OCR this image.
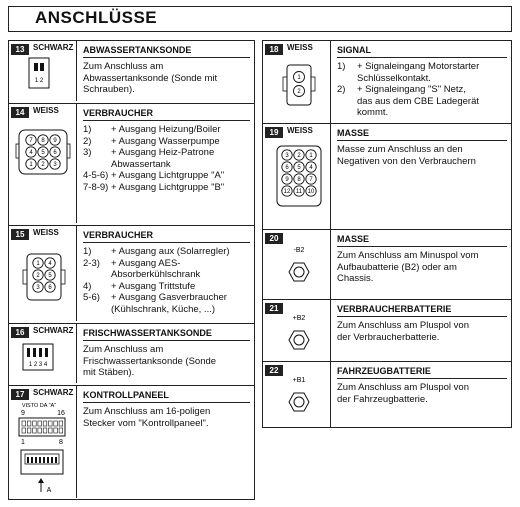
ANSCHLÜSSE
13	SCHWARZ
1 2
ABWASSERTANKSONDE
Zum Anschluss am
Abwassertanksonde (Sonde mit
Schrauben).
14	WEISS
7 8 9
4 5 6
1 2 3
VERBRAUCHER
1)	+ Ausgang Heizung/Boiler
2)	+ Ausgang Wasserpumpe
3)	+ Ausgang Heiz-Patrone
Abwassertank
4-5-6) + Ausgang Lichtgruppe "A"
7-8-9) + Ausgang Lichtgruppe "B"
15	WEISS
1 4
2 5
3 6
VERBRAUCHER
1)	+ Ausgang aux (Solarregler)
2-3)	+ Ausgang AES-
Absorberkühlschrank
4)	+ Ausgang Trittstufe
5-6)	+ Ausgang Gasverbraucher
(Kühlschrank, Küche, ...)
16	SCHWARZ
1 2 3 4
FRISCHWASSERTANKSONDE
Zum Anschluss am
Frischwassertanksonde (Sonde
mit Stäben).
17	SCHWARZ
VISTO DA "A"
9	16
1	8
A
KONTROLLPANEEL
Zum Anschluss am 16-poligen
Stecker vom "Kontrollpaneel".
18	WEISS
1
2
SIGNAL
1)	+ Signaleingang Motorstarter
Schlüsselkontakt.
2)	+ Signaleingang "S" Netz,
das aus dem CBE Ladegerät
kommt.
19	WEISS
3 2 1
6 5 4
9 8 7
12 11 10
MASSE
Masse zum Anschluss an den
Negativen von den Verbrauchern
20
-B2
MASSE
Zum Anschluss am Minuspol vom
Aufbaubatterie (B2) oder am
Chassis.
21
+B2
VERBRAUCHERBATTERIE
Zum Anschluss am Pluspol von
der Verbraucherbatterie.
22
+B1
FAHRZEUGBATTERIE
Zum Anschluss am Pluspol von
der Fahrzeugbatterie.
